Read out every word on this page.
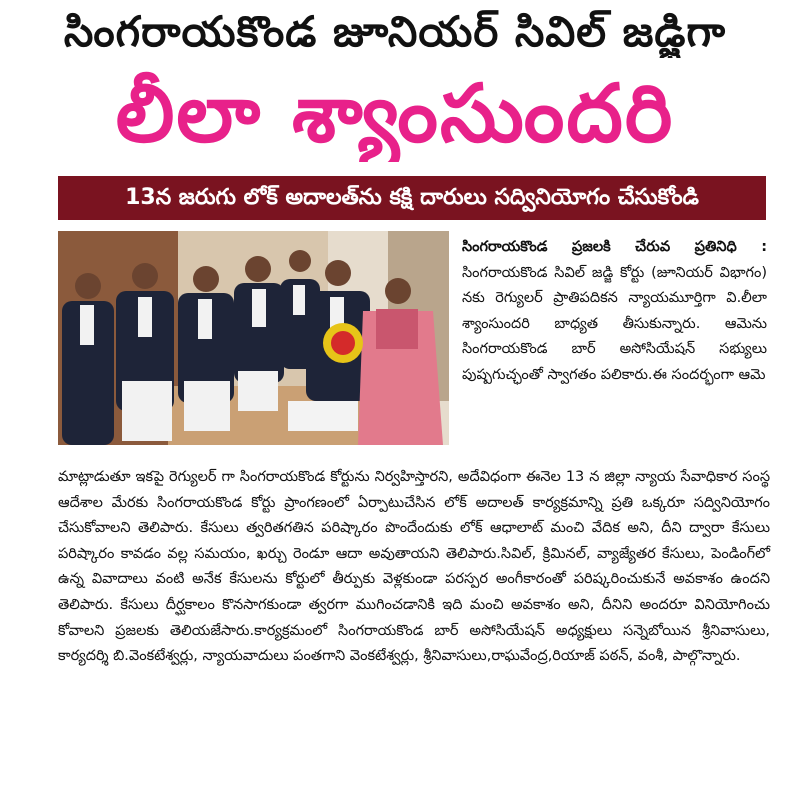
సింగరాయకొండ జూనియర్ సివిల్ జడ్జిగా
లీలా శ్యాంసుందరి
13న జరుగు లోక్ అదాలత్‌ను కక్షి దారులు సద్వినియోగం చేసుకోండి

సింగరాయకొండ ప్రజలకి చేరువ ప్రతినిధి : సింగరాయకొండ సివిల్ జడ్జి కోర్టు (జూనియర్ విభాగం) నకు రెగ్యులర్ ప్రాతిపదికన న్యాయమూర్తిగా వి.లీలా శ్యాంసుందరి బాధ్యత తీసుకున్నారు. ఆమెను సింగరాయకొండ బార్ అసోసియేషన్ సభ్యులు పుష్పగుచ్ఛంతో స్వాగతం పలికారు.ఈ సందర్భంగా ఆమె

మాట్లాడుతూ ఇకపై రెగ్యులర్ గా సింగరాయకొండ కోర్టును నిర్వహిస్తారని, అదేవిధంగా ఈనెల 13 న జిల్లా న్యాయ సేవాధికార సంస్థ ఆదేశాల మేరకు సింగరాయకొండ కోర్టు ప్రాంగణంలో ఏర్పాటుచేసిన లోక్ అదాలత్ కార్యక్రమాన్ని ప్రతి ఒక్కరూ సద్వినియోగం చేసుకోవాలని తెలిపారు. కేసులు త్వరితగతిన పరిష్కారం పొందేందుకు లోక్ ఆధాలాట్ మంచి వేదిక అని, దీని ద్వారా కేసులు పరిష్కారం కావడం వల్ల సమయం, ఖర్చు రెండూ ఆదా అవుతాయని తెలిపారు.సివిల్, క్రిమినల్, వ్యాజ్యేతర కేసులు, పెండింగ్‌లో ఉన్న వివాదాలు వంటి అనేక కేసులను కోర్టులో తీర్పుకు వెళ్లకుండా పరస్పర అంగీకారంతో పరిష్కరించుకునే అవకాశం ఉందని తెలిపారు. కేసులు దీర్ఘకాలం కొనసాగకుండా త్వరగా ముగించడానికి ఇది మంచి అవకాశం అని, దీనిని అందరూ వినియోగించు కోవాలని ప్రజలకు తెలియజేసారు.కార్యక్రమంలో సింగరాయకొండ బార్ అసోసియేషన్ అధ్యక్షులు సన్నెబోయిన శ్రీనివాసులు, కార్యదర్శి బి.వెంకటేశ్వర్లు, న్యాయవాదులు పంతగాని వెంకటేశ్వర్లు, శ్రీనివాసులు,రాఘవేంద్ర,రియాజ్ పఠన్, వంశీ, పాల్గొన్నారు.
